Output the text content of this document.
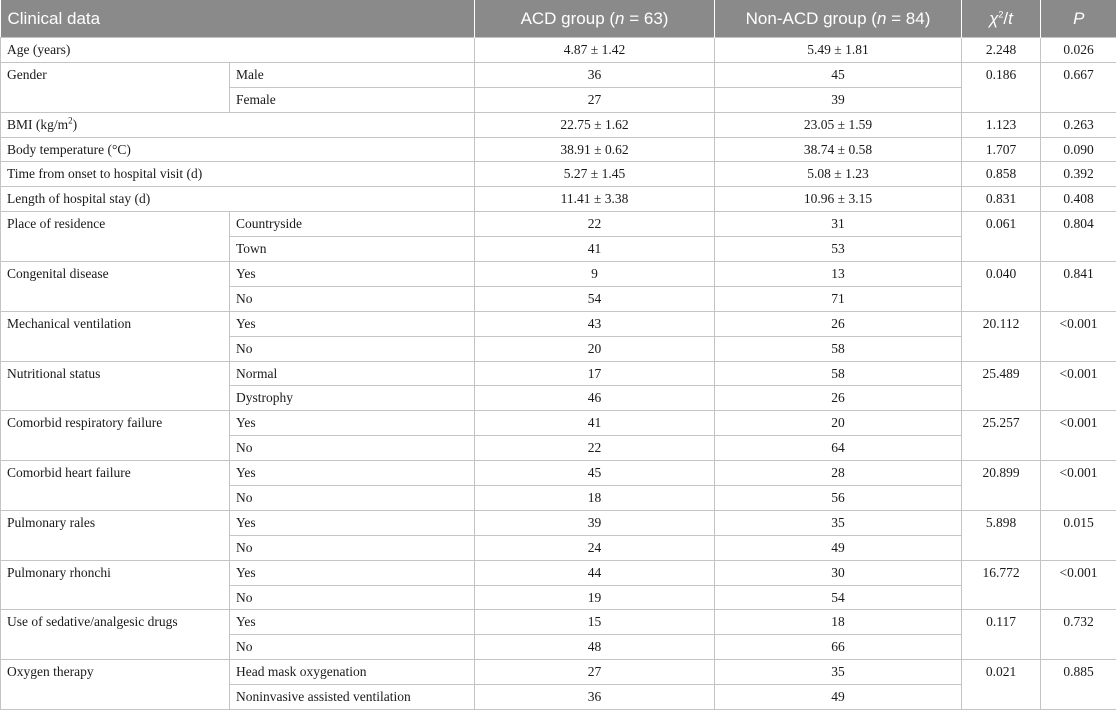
Clinical data		ACD group (n = 63)	Non-ACD group (n = 84)	$\chi^2/t$	P
Age (years)		4.87 ± 1.42	5.49 ± 1.81	2.248	0.026
Gender	Male	36	45	0.186	0.667
	Female	27	39		
BMI $(kg/m^2)$		22.75 ± 1.62	23.05 ± 1.59	1.123	0.263
Body temperature (°C)		38.91 ± 0.62	38.74 ± 0.58	1.707	0.090
Time from onset to hospital visit (d)		5.27 ± 1.45	5.08 ± 1.23	0.858	0.392
Length of hospital stay (d)		11.41 ± 3.38	10.96 ± 3.15	0.831	0.408
Place of residence	Countryside	22	31	0.061	0.804
	Town	41	53		
Congenital disease	Yes	9	13	0.040	0.841
	No	54	71		
Mechanical ventilation	Yes	43	26	20.112	<0.001
	No	20	58		
Nutritional status	Normal	17	58	25.489	<0.001
	Dystrophy	46	26		
Comorbid respiratory failure	Yes	41	20	25.257	<0.001
	No	22	64		
Comorbid heart failure	Yes	45	28	20.899	<0.001
	No	18	56		
Pulmonary rales	Yes	39	35	5.898	0.015
	No	24	49		
Pulmonary rhonchi	Yes	44	30	16.772	<0.001
	No	19	54		
Use of sedative/analgesic drugs	Yes	15	18	0.117	0.732
	No	48	66		
Oxygen therapy	Head mask oxygenation	27	35	0.021	0.885
	Noninvasive assisted ventilation	36	49		
